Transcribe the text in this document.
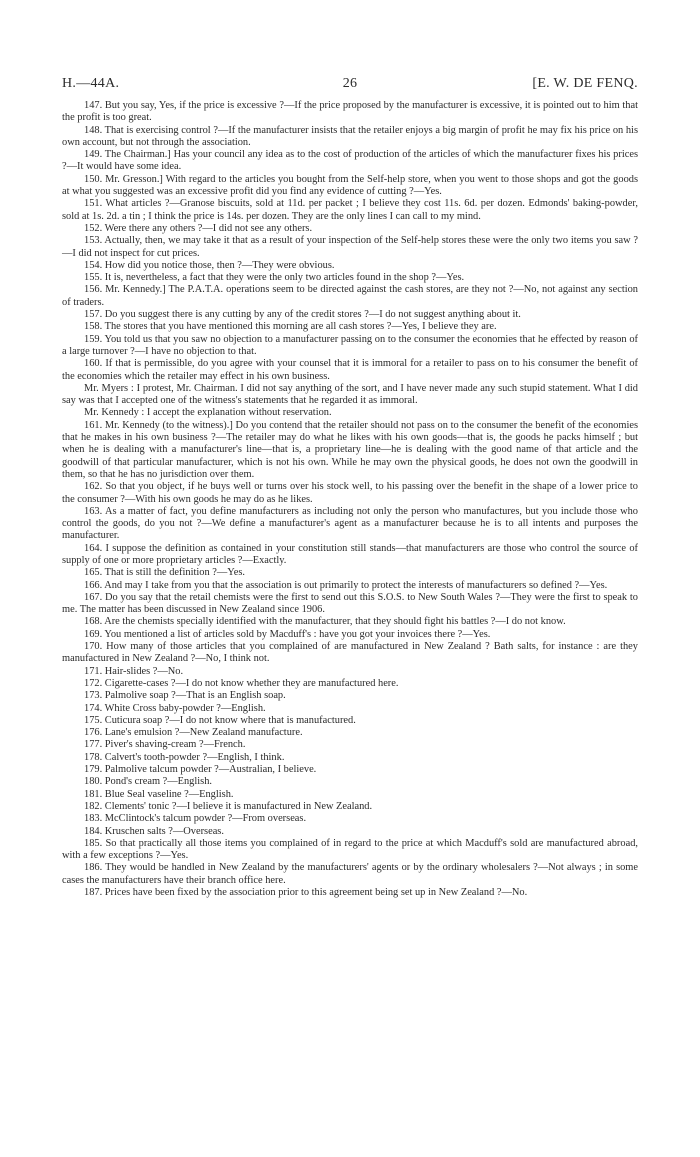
H.—44A.	26	[E. W. DE FENQ.

147. But you say, Yes, if the price is excessive ?—If the price proposed by the manufacturer is excessive, it is pointed out to him that the profit is too great.

148. That is exercising control ?—If the manufacturer insists that the retailer enjoys a big margin of profit he may fix his price on his own account, but not through the association.

149. The Chairman.] Has your council any idea as to the cost of production of the articles of which the manufacturer fixes his prices ?—It would have some idea.

150. Mr. Gresson.] With regard to the articles you bought from the Self-help store, when you went to those shops and got the goods at what you suggested was an excessive profit did you find any evidence of cutting ?—Yes.

151. What articles ?—Granose biscuits, sold at 11d. per packet ; I believe they cost 11s. 6d. per dozen. Edmonds' baking-powder, sold at 1s. 2d. a tin ; I think the price is 14s. per dozen. They are the only lines I can call to my mind.

152. Were there any others ?—I did not see any others.

153. Actually, then, we may take it that as a result of your inspection of the Self-help stores these were the only two items you saw ?—I did not inspect for cut prices.

154. How did you notice those, then ?—They were obvious.

155. It is, nevertheless, a fact that they were the only two articles found in the shop ?—Yes.

156. Mr. Kennedy.] The P.A.T.A. operations seem to be directed against the cash stores, are they not ?—No, not against any section of traders.

157. Do you suggest there is any cutting by any of the credit stores ?—I do not suggest anything about it.

158. The stores that you have mentioned this morning are all cash stores ?—Yes, I believe they are.

159. You told us that you saw no objection to a manufacturer passing on to the consumer the economies that he effected by reason of a large turnover ?—I have no objection to that.

160. If that is permissible, do you agree with your counsel that it is immoral for a retailer to pass on to his consumer the benefit of the economies which the retailer may effect in his own business.

Mr. Myers : I protest, Mr. Chairman. I did not say anything of the sort, and I have never made any such stupid statement. What I did say was that I accepted one of the witness's statements that he regarded it as immoral.

Mr. Kennedy : I accept the explanation without reservation.

161. Mr. Kennedy (to the witness).] Do you contend that the retailer should not pass on to the consumer the benefit of the economies that he makes in his own business ?—The retailer may do what he likes with his own goods—that is, the goods he packs himself ; but when he is dealing with a manufacturer's line—that is, a proprietary line—he is dealing with the good name of that article and the goodwill of that particular manufacturer, which is not his own. While he may own the physical goods, he does not own the goodwill in them, so that he has no jurisdiction over them.

162. So that you object, if he buys well or turns over his stock well, to his passing over the benefit in the shape of a lower price to the consumer ?—With his own goods he may do as he likes.

163. As a matter of fact, you define manufacturers as including not only the person who manufactures, but you include those who control the goods, do you not ?—We define a manufacturer's agent as a manufacturer because he is to all intents and purposes the manufacturer.

164. I suppose the definition as contained in your constitution still stands—that manufacturers are those who control the source of supply of one or more proprietary articles ?—Exactly.

165. That is still the definition ?—Yes.

166. And may I take from you that the association is out primarily to protect the interests of manufacturers so defined ?—Yes.

167. Do you say that the retail chemists were the first to send out this S.O.S. to New South Wales ?—They were the first to speak to me. The matter has been discussed in New Zealand since 1906.

168. Are the chemists specially identified with the manufacturer, that they should fight his battles ?—I do not know.

169. You mentioned a list of articles sold by Macduff's : have you got your invoices there ?—Yes.

170. How many of those articles that you complained of are manufactured in New Zealand ? Bath salts, for instance : are they manufactured in New Zealand ?—No, I think not.

171. Hair-slides ?—No.

172. Cigarette-cases ?—I do not know whether they are manufactured here.

173. Palmolive soap ?—That is an English soap.

174. White Cross baby-powder ?—English.

175. Cuticura soap ?—I do not know where that is manufactured.

176. Lane's emulsion ?—New Zealand manufacture.

177. Piver's shaving-cream ?—French.

178. Calvert's tooth-powder ?—English, I think.

179. Palmolive talcum powder ?—Australian, I believe.

180. Pond's cream ?—English.

181. Blue Seal vaseline ?—English.

182. Clements' tonic ?—I believe it is manufactured in New Zealand.

183. McClintock's talcum powder ?—From overseas.

184. Kruschen salts ?—Overseas.

185. So that practically all those items you complained of in regard to the price at which Macduff's sold are manufactured abroad, with a few exceptions ?—Yes.

186. They would be handled in New Zealand by the manufacturers' agents or by the ordinary wholesalers ?—Not always ; in some cases the manufacturers have their branch office here.

187. Prices have been fixed by the association prior to this agreement being set up in New Zealand ?—No.
